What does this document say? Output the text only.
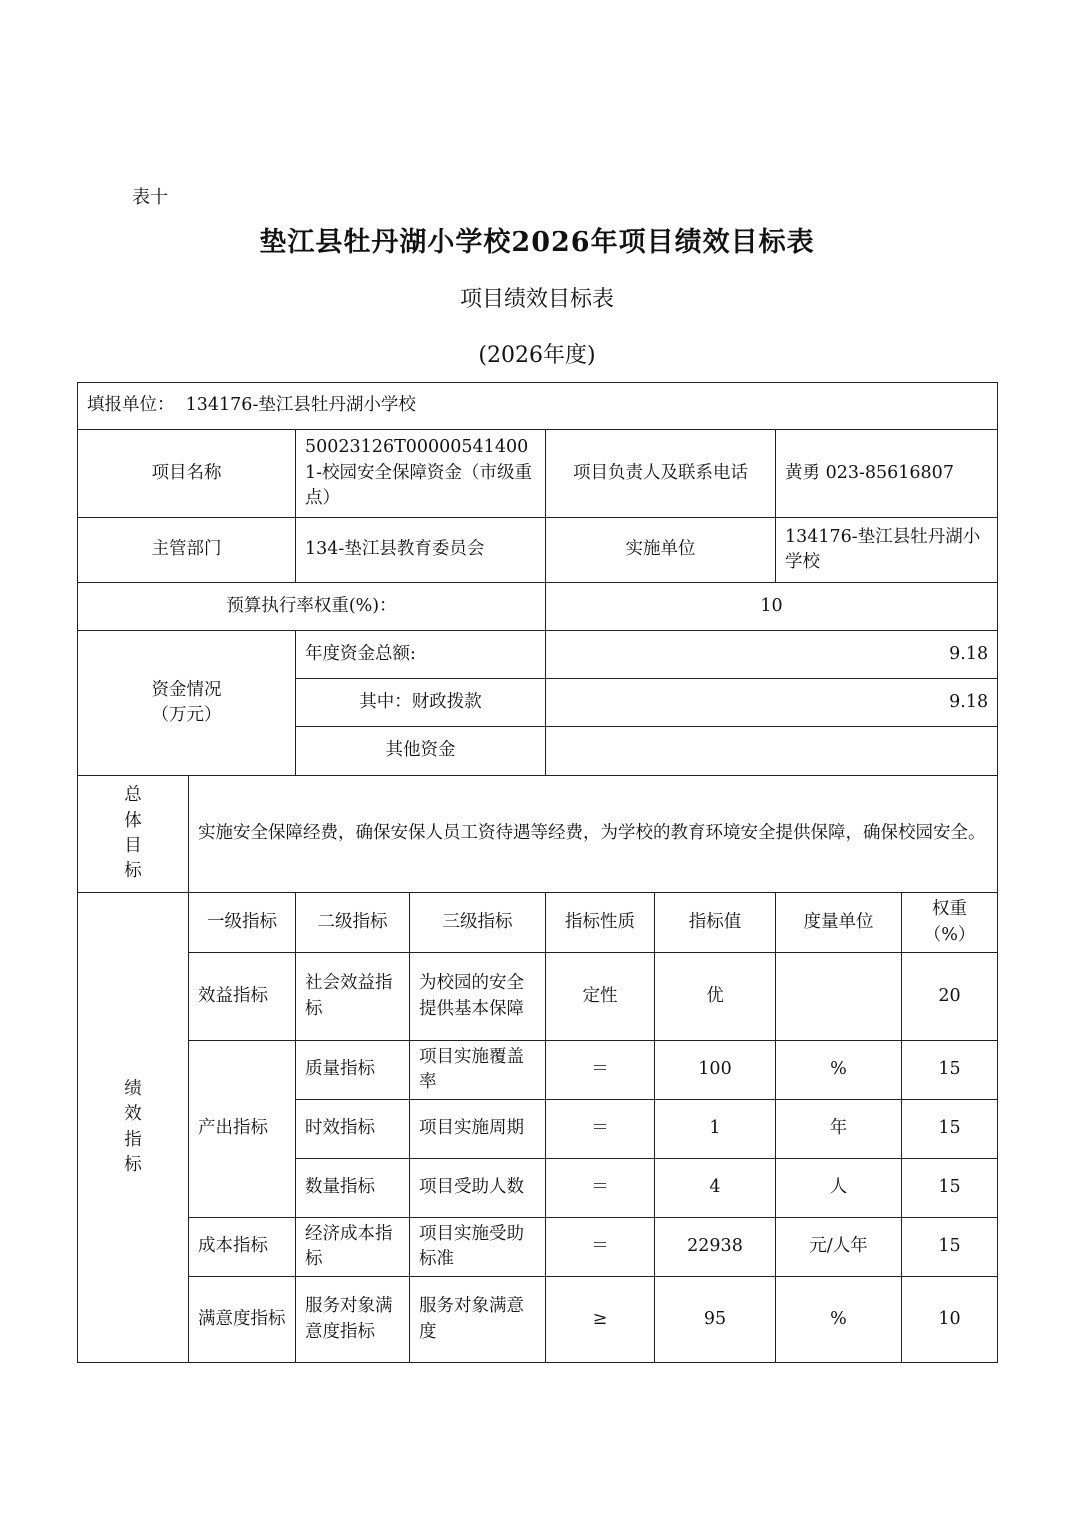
表十
垫江县牡丹湖小学校2026年项目绩效目标表
项目绩效目标表
(2026年度)
填报单位： 134176-垫江县牡丹湖小学校							
项目名称		50023126T000005414001-校园安全保障资金（市级重点）		项目负责人及联系电话		黄勇 023-85616807	
主管部门		134-垫江县教育委员会		实施单位		134176-垫江县牡丹湖小学校	
预算执行率权重(%)：				10			

资金情况
（万元）		年度资金总额:		9.18			
		其中：财政拨款		9.18			
		其他资金					

总
体
目
标	实施安全保障经费，确保安保人员工资待遇等经费，为学校的教育环境安全提供保障，确保校园安全。						

绩
效
指
标	一级指标	二级指标	三级指标	指标性质	指标值	度量单位	权重（%）
	效益指标	社会效益指标	为校园的安全提供基本保障	定性	优		20
	产出指标	质量指标	项目实施覆盖率	＝	100	%	15
		时效指标	项目实施周期	＝	1	年	15
		数量指标	项目受助人数	＝	4	人	15
	成本指标	经济成本指标	项目实施受助标准	＝	22938	元/人年	15
	满意度指标	服务对象满意度指标	服务对象满意度	≥	95	%	10
